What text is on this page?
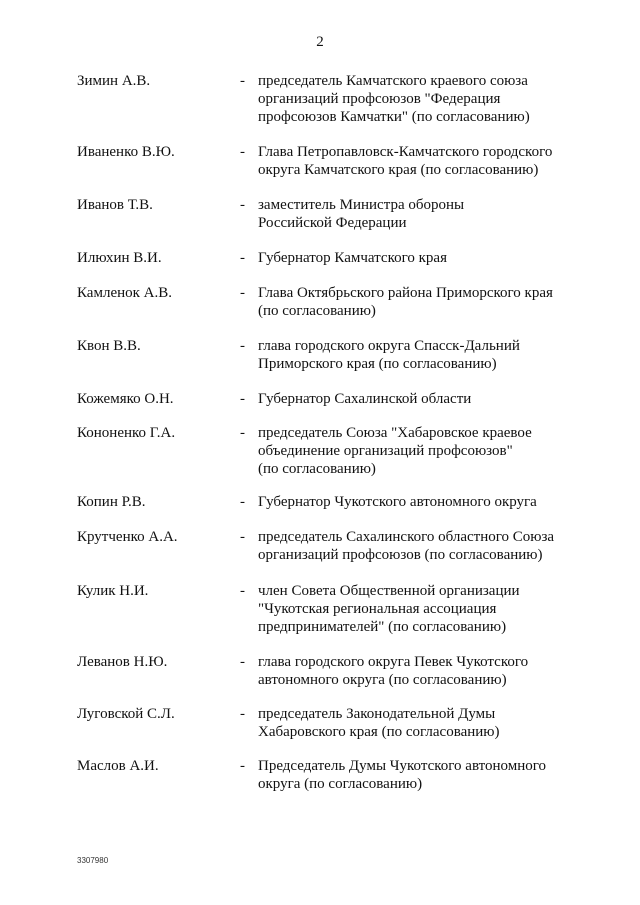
2
Зимин А.В.	- председатель Камчатского краевого союза
организаций профсоюзов "Федерация
профсоюзов Камчатки" (по согласованию)
Иваненко В.Ю.	- Глава Петропавловск-Камчатского городского
округа Камчатского края (по согласованию)
Иванов Т.В.	- заместитель Министра обороны
Российской Федерации
Илюхин В.И.	- Губернатор Камчатского края
Камленок А.В.	- Глава Октябрьского района Приморского края
(по согласованию)
Квон В.В.	- глава городского округа Спасск-Дальний
Приморского края (по согласованию)
Кожемяко О.Н.	- Губернатор Сахалинской области
Кононенко Г.А.	- председатель Союза "Хабаровское краевое
объединение организаций профсоюзов"
(по согласованию)
Копин Р.В.	- Губернатор Чукотского автономного округа
Крутченко А.А.	- председатель Сахалинского областного Союза
организаций профсоюзов (по согласованию)
Кулик Н.И.	- член Совета Общественной организации
"Чукотская региональная ассоциация
предпринимателей" (по согласованию)
Леванов Н.Ю.	- глава городского округа Певек Чукотского
автономного округа (по согласованию)
Луговской С.Л.	- председатель Законодательной Думы
Хабаровского края (по согласованию)
Маслов А.И.	- Председатель Думы Чукотского автономного
округа (по согласованию)
3307980
